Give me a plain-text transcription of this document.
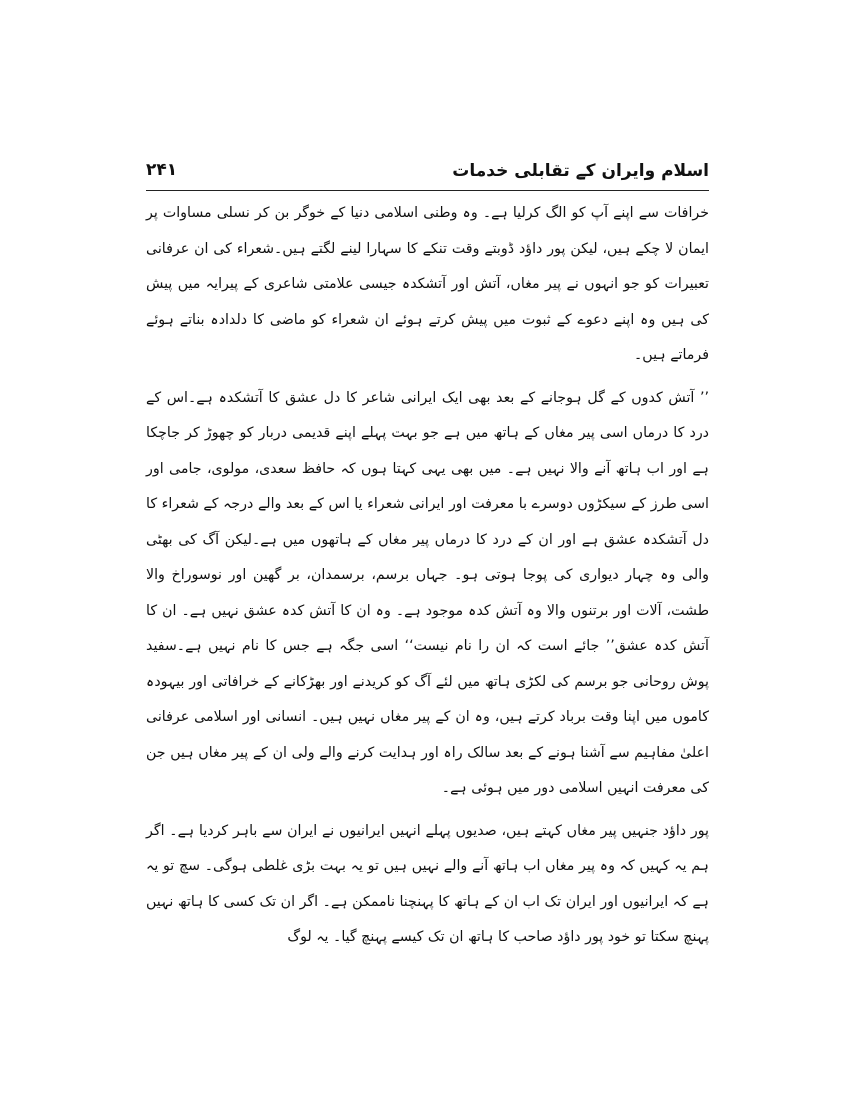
اسلام وایران کے تقابلی خدمات
۲۴۱

خرافات سے اپنے آپ کو الگ کرلیا ہے۔ وہ وطنی اسلامی دنیا کے خوگر بن کر نسلی مساوات پر ایمان لا چکے ہیں، لیکن پور داؤد ڈوبتے وقت تنکے کا سہارا لینے لگتے ہیں۔شعراء کی ان عرفانی تعبیرات کو جو انہوں نے پیر مغاں، آتش اور آتشکدہ جیسی علامتی شاعری کے پیرایہ میں پیش کی ہیں وہ اپنے دعوے کے ثبوت میں پیش کرتے ہوئے ان شعراء کو ماضی کا دلدادہ بناتے ہوئے فرماتے ہیں۔

’’ آتش کدوں کے گل ہوجانے کے بعد بھی ایک ایرانی شاعر کا دل عشق کا آتشکدہ ہے۔اس کے درد کا درماں اسی پیر مغاں کے ہاتھ میں ہے جو بہت پہلے اپنے قدیمی دربار کو چھوڑ کر جاچکا ہے اور اب ہاتھ آنے والا نہیں ہے۔ میں بھی یہی کہتا ہوں کہ حافظ سعدی، مولوی، جامی اور اسی طرز کے سیکڑوں دوسرے با معرفت اور ایرانی شعراء یا اس کے بعد والے درجہ کے شعراء کا دل آتشکدہ عشق ہے اور ان کے درد کا درماں پیر مغاں کے ہاتھوں میں ہے۔لیکن آگ کی بھٹی والی وہ چہار دیواری کی پوجا ہوتی ہو۔ جہاں برسم، برسمدان، بر گھین اور نوسوراخ والا طشت، آلات اور برتنوں والا وہ آتش کدہ موجود ہے۔ وہ ان کا آتش کدہ عشق نہیں ہے۔ ان کا آتش کدہ عشق’’ جائے است کہ ان را نام نیست‘‘ اسی جگہ ہے جس کا نام نہیں ہے۔سفید پوش روحانی جو برسم کی لکڑی ہاتھ میں لئے آگ کو کریدنے اور بھڑکانے کے خرافاتی اور بیہودہ کاموں میں اپنا وقت برباد کرتے ہیں، وہ ان کے پیر مغاں نہیں ہیں۔ انسانی اور اسلامی عرفانی اعلیٰ مفاہیم سے آشنا ہونے کے بعد سالک راہ اور ہدایت کرنے والے ولی ان کے پیر مغاں ہیں جن کی معرفت انہیں اسلامی دور میں ہوئی ہے۔

پور داؤد جنہیں پیر مغاں کہتے ہیں، صدیوں پہلے انہیں ایرانیوں نے ایران سے باہر کردیا ہے۔ اگر ہم یہ کہیں کہ وہ پیر مغاں اب ہاتھ آنے والے نہیں ہیں تو یہ بہت بڑی غلطی ہوگی۔ سچ تو یہ ہے کہ ایرانیوں اور ایران تک اب ان کے ہاتھ کا پہنچنا ناممکن ہے۔ اگر ان تک کسی کا ہاتھ نہیں پہنچ سکتا تو خود پور داؤد صاحب کا ہاتھ ان تک کیسے پہنچ گیا۔ یہ لوگ
